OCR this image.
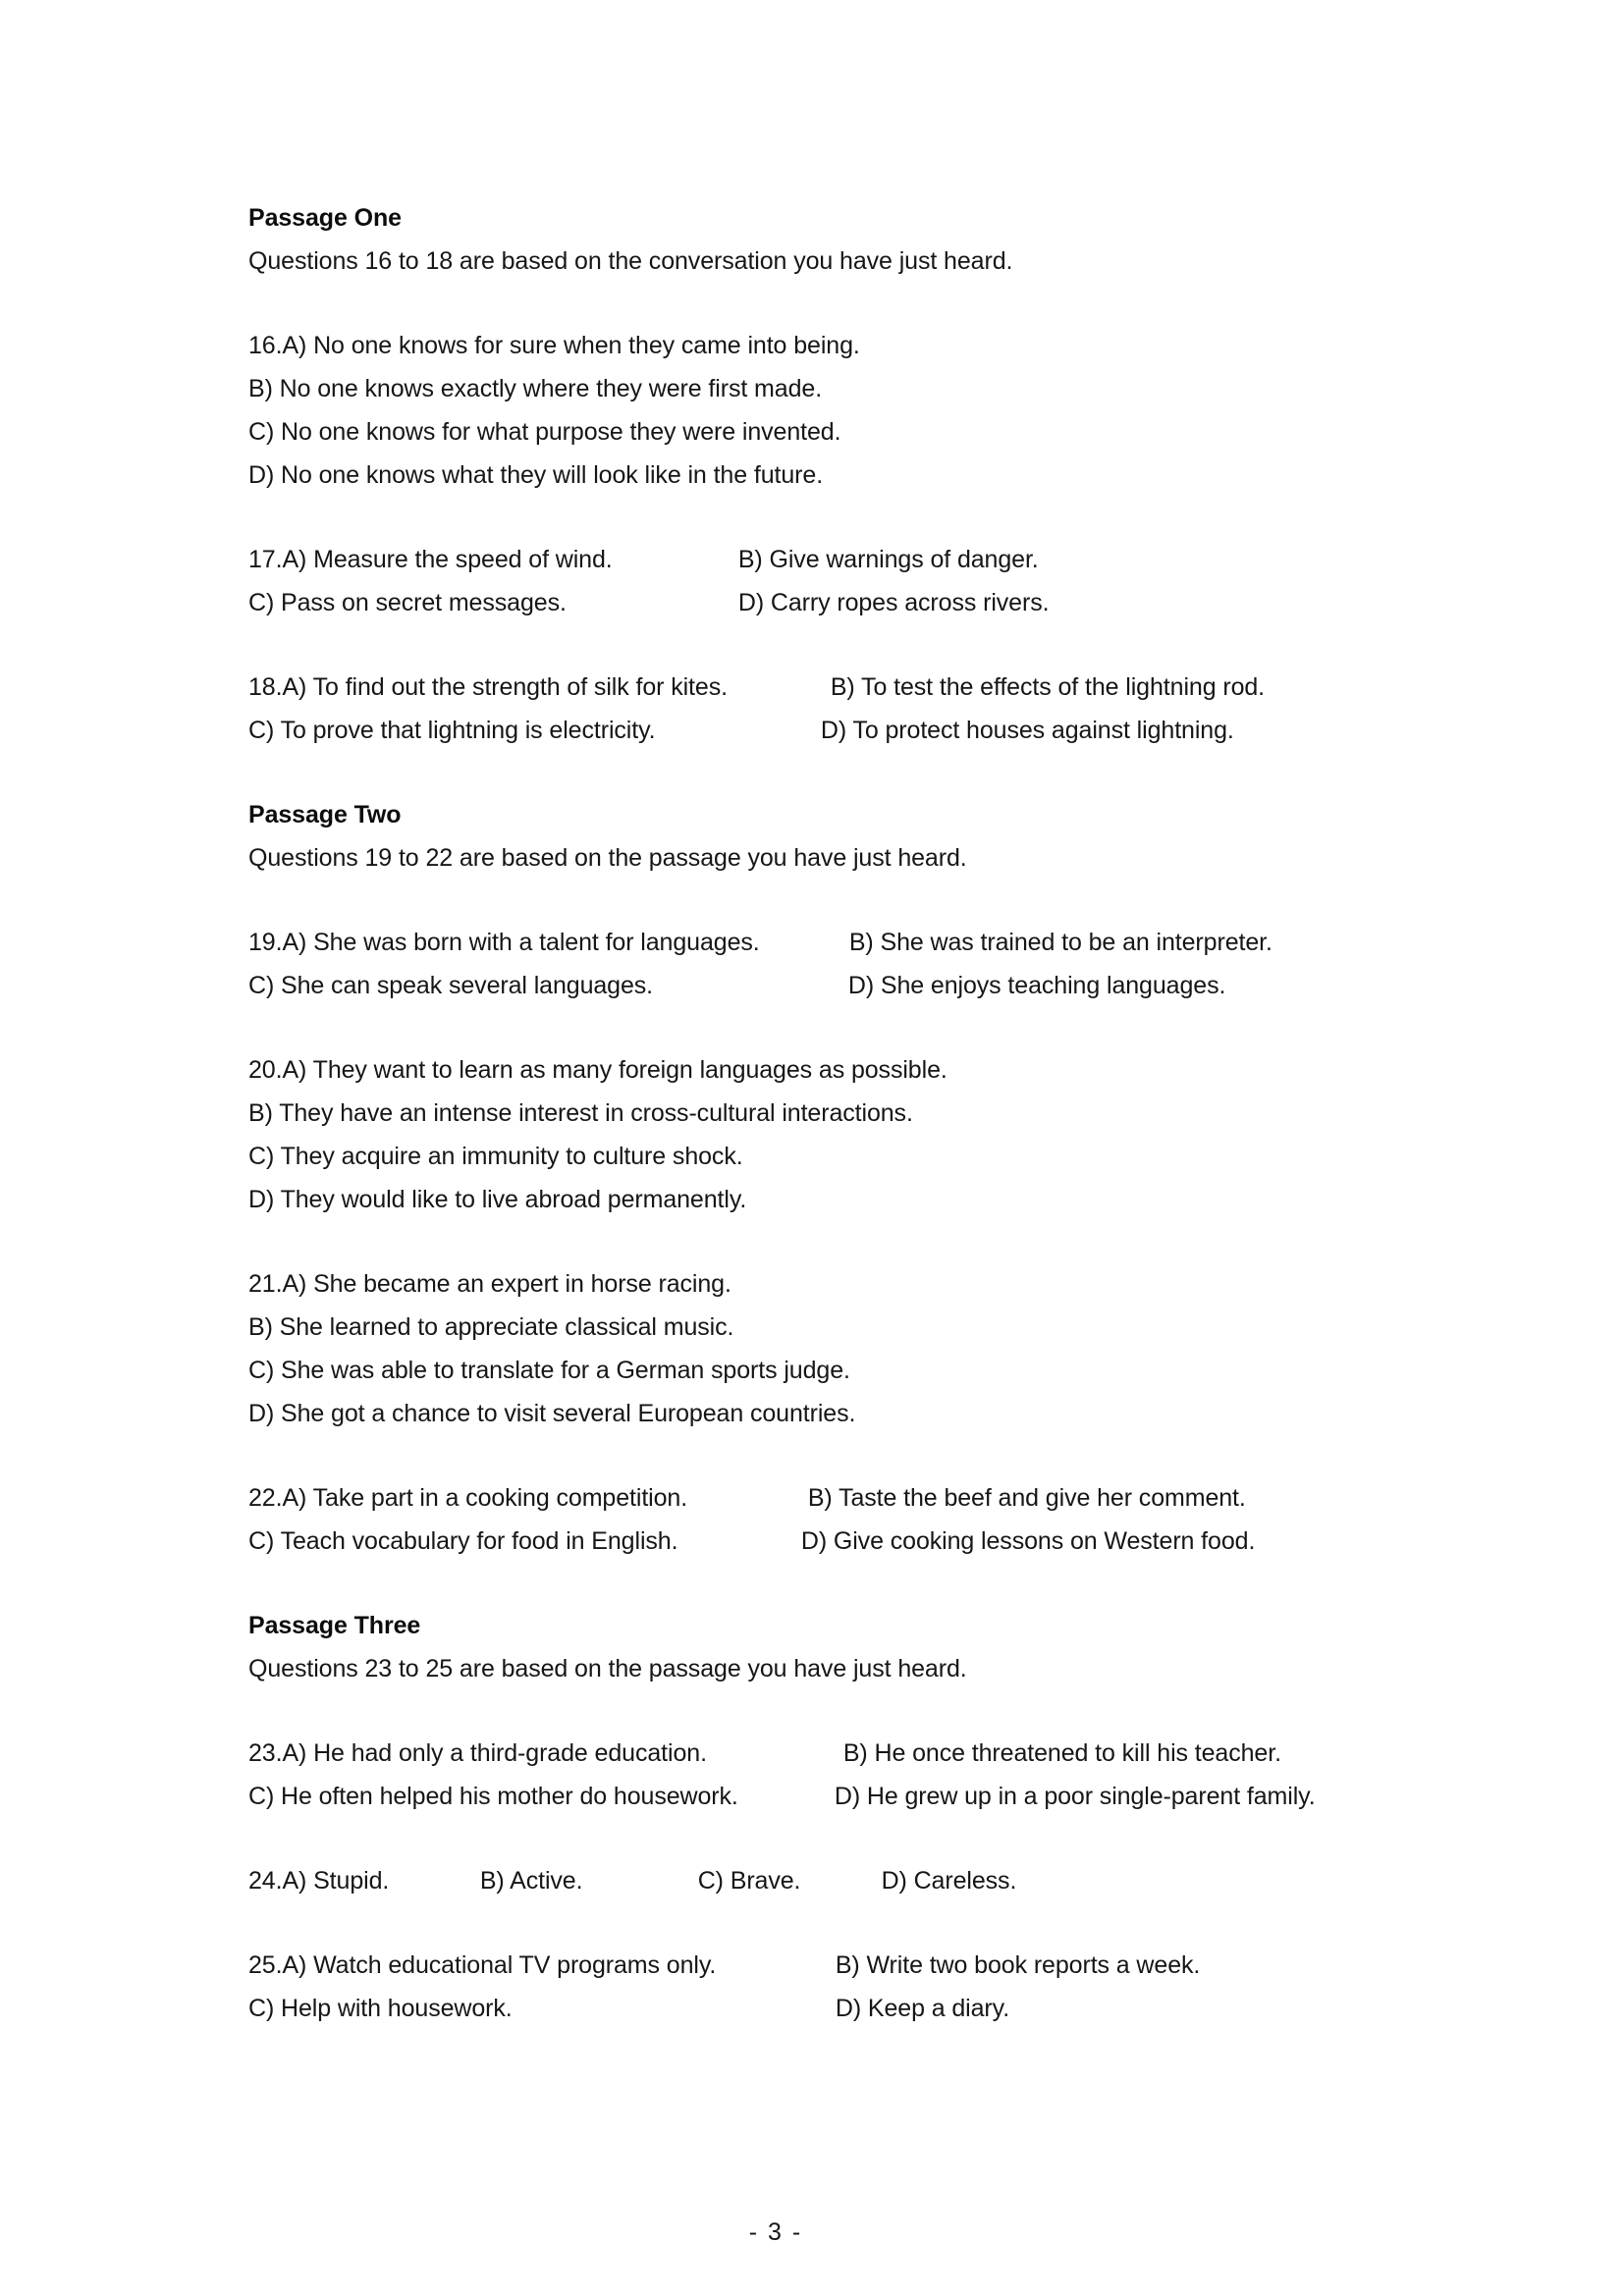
Passage One
Questions 16 to 18 are based on the conversation you have just heard.
16.A) No one knows for sure when they came into being.
B) No one knows exactly where they were first made.
C) No one knows for what purpose they were invented.
D) No one knows what they will look like in the future.
17.A) Measure the speed of wind.	B) Give warnings of danger.
C) Pass on secret messages.	D) Carry ropes across rivers.
18.A) To find out the strength of silk for kites.	B) To test the effects of the lightning rod.
C) To prove that lightning is electricity.	D) To protect houses against lightning.
Passage Two
Questions 19 to 22 are based on the passage you have just heard.
19.A) She was born with a talent for languages.	B) She was trained to be an interpreter.
C) She can speak several languages.	D) She enjoys teaching languages.
20.A) They want to learn as many foreign languages as possible.
B) They have an intense interest in cross-cultural interactions.
C) They acquire an immunity to culture shock.
D) They would like to live abroad permanently.
21.A) She became an expert in horse racing.
B) She learned to appreciate classical music.
C) She was able to translate for a German sports judge.
D) She got a chance to visit several European countries.
22.A) Take part in a cooking competition.	B) Taste the beef and give her comment.
C) Teach vocabulary for food in English.	D) Give cooking lessons on Western food.
Passage Three
Questions 23 to 25 are based on the passage you have just heard.
23.A) He had only a third-grade education.	B) He once threatened to kill his teacher.
C) He often helped his mother do housework.	D) He grew up in a poor single-parent family.
24.A) Stupid.	B) Active.	C) Brave.	D) Careless.
25.A) Watch educational TV programs only.	B) Write two book reports a week.
C) Help with housework.	D) Keep a diary.
- 3 -
